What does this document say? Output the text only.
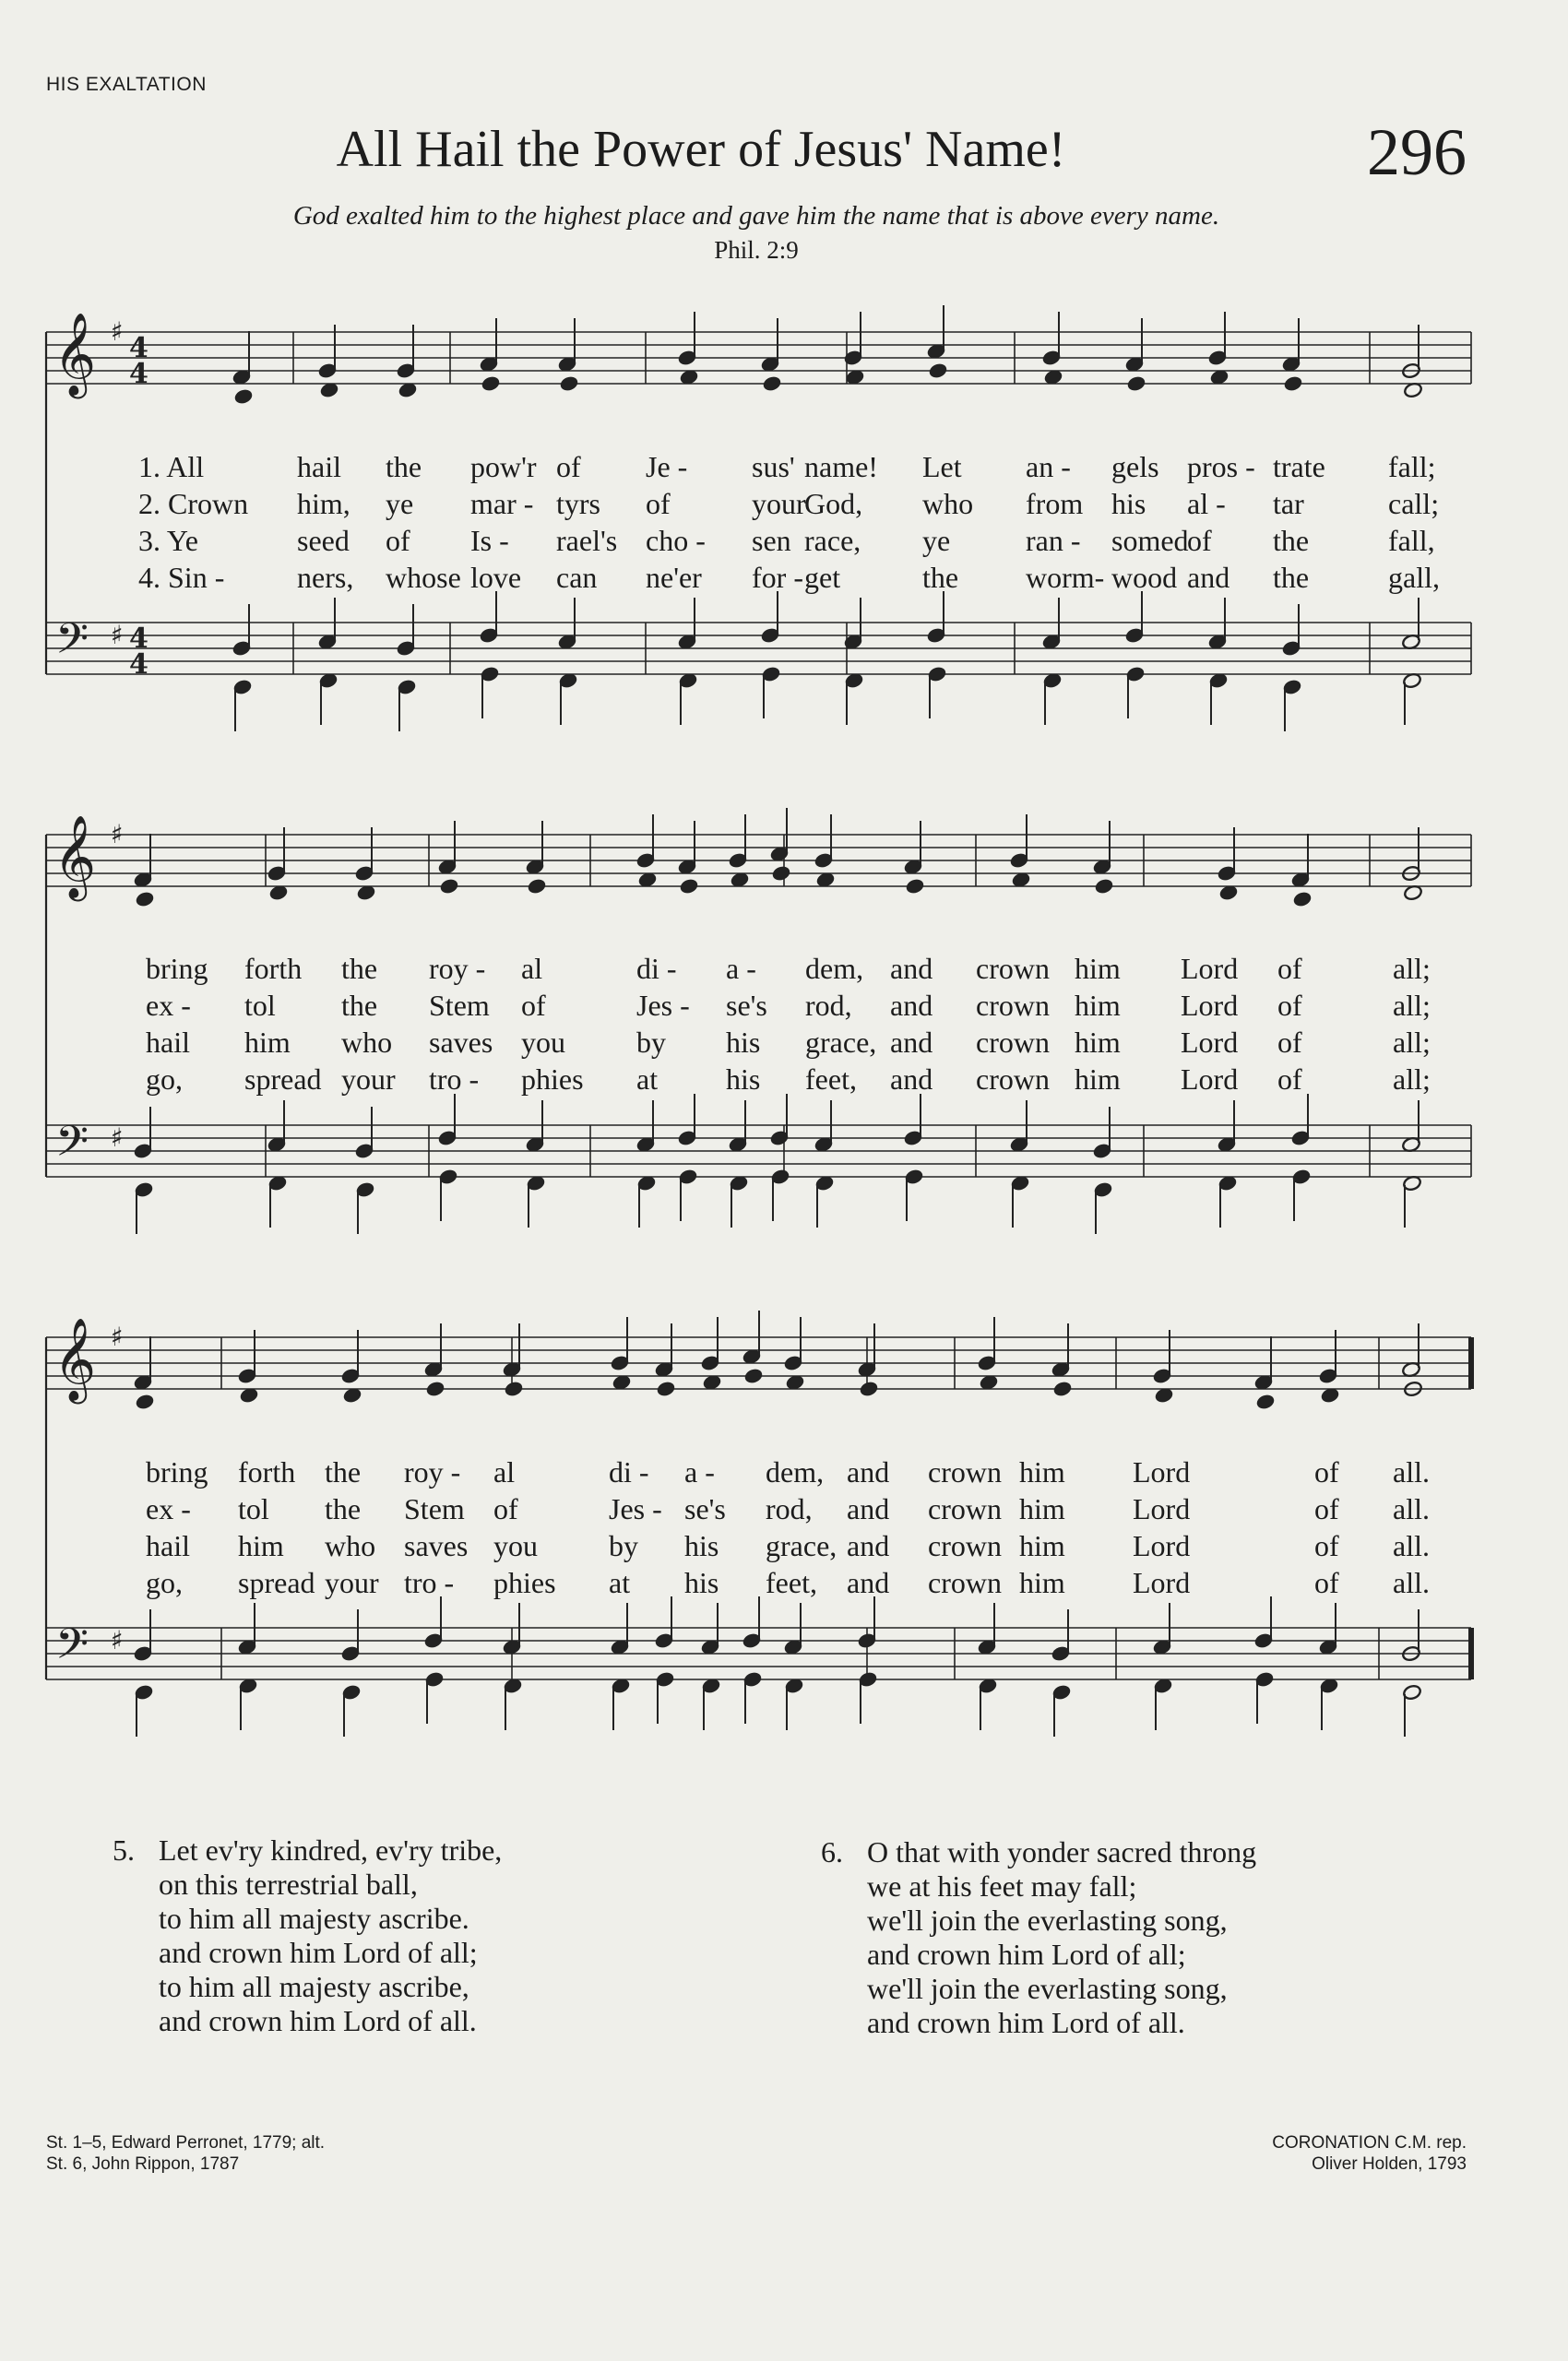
HIS EXALTATION
All Hail the Power of Jesus' Name!	296
God exalted him to the highest place and gave him the name that is above every name.
Phil. 2:9
𝄞
𝄢
♯
♯
4
4
4
4
𝄞
𝄢
♯
♯
𝄞
𝄢
♯
♯
1. All	hail the pow'r of Je - sus' name! Let an - gels pros - trate fall;
2. Crown him, ye mar - tyrs of	your
God, who from his al - tar	call;
3. Ye	seed of Is - rael's cho - sen race, ye	ran - somed
of the	fall,
4. Sin - ners, whose love can ne'er for - get	the worm- wood and the	gall,
bring forth the roy - al	di - a - dem, and crown him Lord of	all;
ex - tol the Stem of	Jes - se's rod, and crown him Lord of	all;
hail him who saves you by his grace, and crown him Lord of	all;
go, spread your tro - phies at his feet, and crown him Lord of	all;
bring forth the roy - al	di - a - dem, and crown him Lord	of all.
ex - tol the Stem of	Jes - se's rod, and crown him Lord	of all.
hail him who saves you by his grace, and crown him Lord	of all.
go, spread your tro - phies at his feet, and crown him Lord	of all.
5. Let ev'ry kindred, ev'ry tribe,
on this terrestrial ball,
to him all majesty ascribe.
and crown him Lord of all;
to him all majesty ascribe,
and crown him Lord of all.
6. O that with yonder sacred throng
we at his feet may fall;
we'll join the everlasting song,
and crown him Lord of all;
we'll join the everlasting song,
and crown him Lord of all.
St. 1–5, Edward Perronet, 1779; alt.
St. 6, John Rippon, 1787
CORONATION C.M. rep.
Oliver Holden, 1793
